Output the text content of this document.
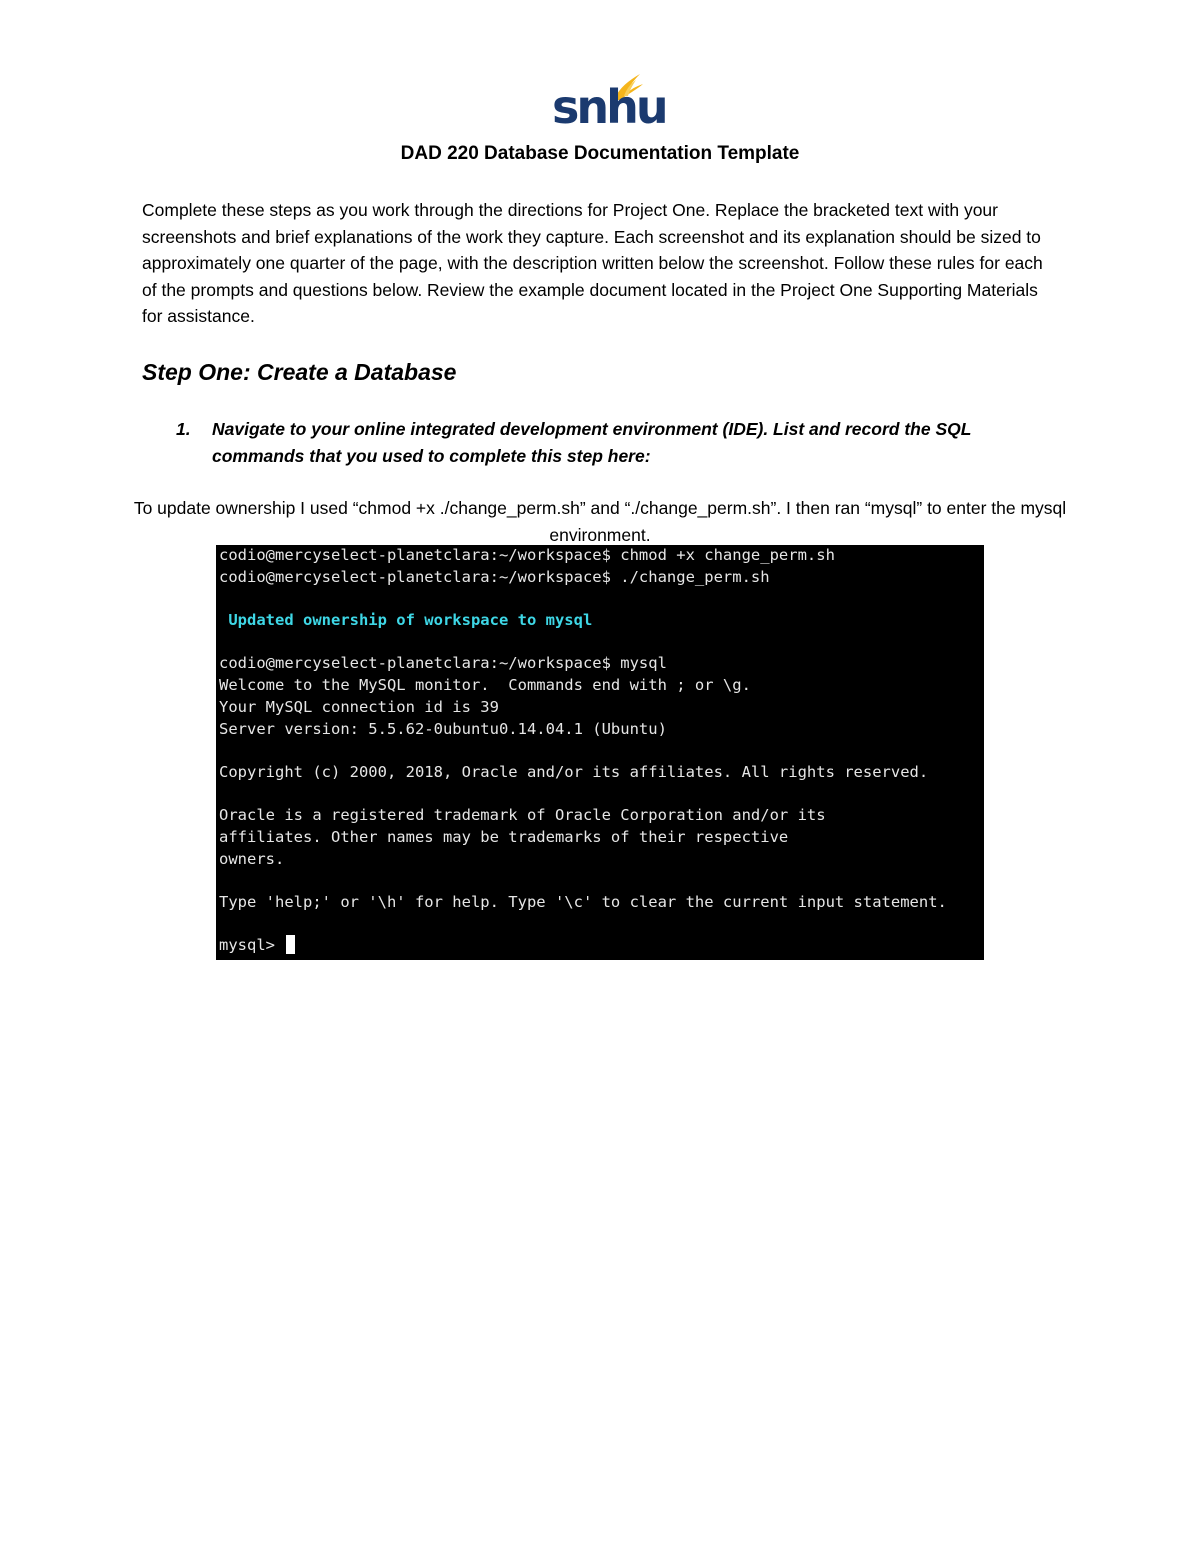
snhu
DAD 220 Database Documentation Template
Complete these steps as you work through the directions for Project One. Replace the bracketed text with your screenshots and brief explanations of the work they capture. Each screenshot and its explanation should be sized to approximately one quarter of the page, with the description written below the screenshot. Follow these rules for each of the prompts and questions below. Review the example document located in the Project One Supporting Materials for assistance.
Step One: Create a Database
1. Navigate to your online integrated development environment (IDE). List and record the SQL commands that you used to complete this step here:
To update ownership I used “chmod +x ./change_perm.sh” and “./change_perm.sh”. I then ran “mysql” to enter the mysql environment.
codio@mercyselect-planetclara:~/workspace$ chmod +x change_perm.sh
codio@mercyselect-planetclara:~/workspace$ ./change_perm.sh
Updated ownership of workspace to mysql
codio@mercyselect-planetclara:~/workspace$ mysql
Welcome to the MySQL monitor.  Commands end with ; or \g.
Your MySQL connection id is 39
Server version: 5.5.62-0ubuntu0.14.04.1 (Ubuntu)
Copyright (c) 2000, 2018, Oracle and/or its affiliates. All rights reserved.
Oracle is a registered trademark of Oracle Corporation and/or its
affiliates. Other names may be trademarks of their respective
owners.
Type 'help;' or '\h' for help. Type '\c' to clear the current input statement.
mysql>
